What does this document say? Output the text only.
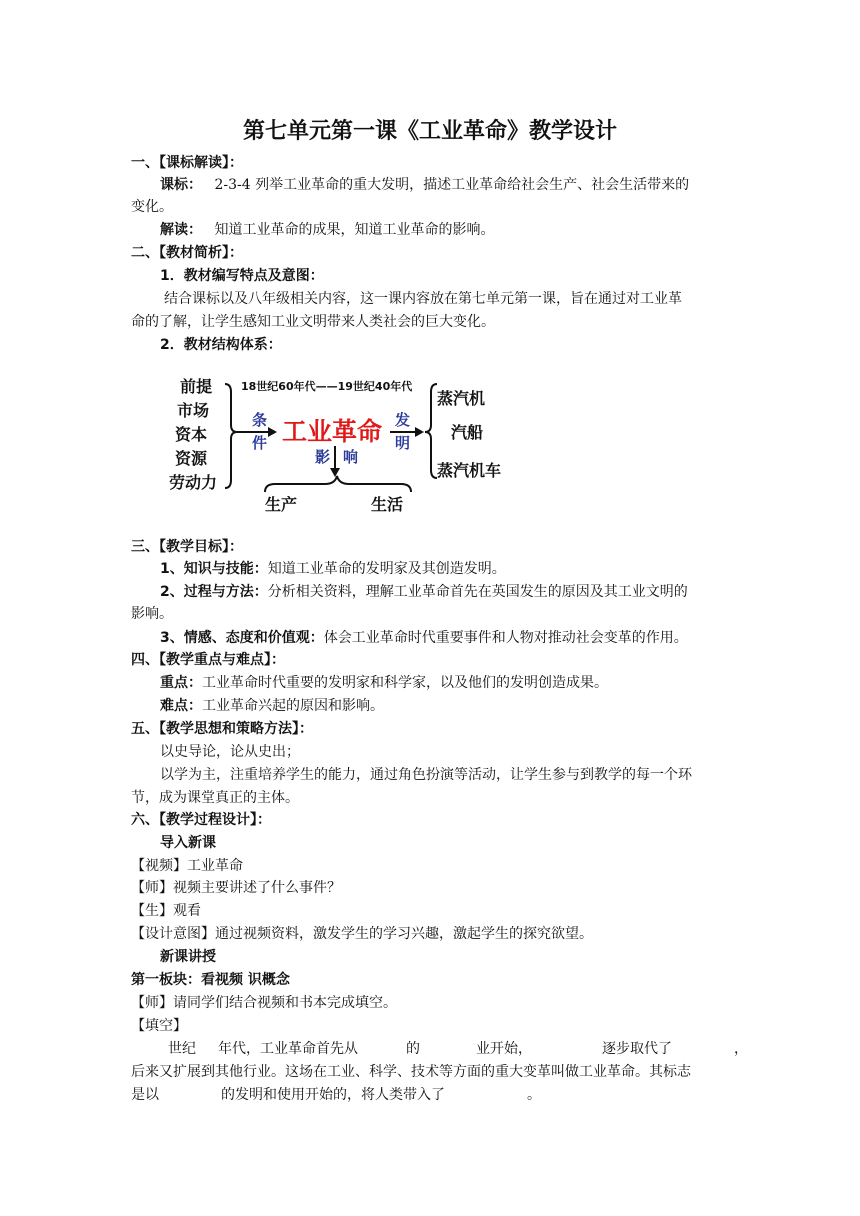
第七单元第一课《工业革命》教学设计
一、【课标解读】：
课标： 2-3-4 列举工业革命的重大发明，描述工业革命给社会生产、社会生活带来的
变化。
解读： 知道工业革命的成果，知道工业革命的影响。
二、【教材简析】：
1．教材编写特点及意图：
结合课标以及八年级相关内容，这一课内容放在第七单元第一课，旨在通过对工业革
命的了解，让学生感知工业文明带来人类社会的巨大变化。
2．教材结构体系：
前提
市场
资本
资源
劳动力
18世纪60年代——19世纪40年代
条
件
发
明
影 响
工业革命
蒸汽机
汽船
蒸汽机车
生产	生活
三、【教学目标】：
1、知识与技能：知道工业革命的发明家及其创造发明。
2、过程与方法：分析相关资料，理解工业革命首先在英国发生的原因及其工业文明的
影响。
3、情感、态度和价值观：体会工业革命时代重要事件和人物对推动社会变革的作用。
四、【教学重点与难点】：
重点：工业革命时代重要的发明家和科学家，以及他们的发明创造成果。
难点：工业革命兴起的原因和影响。
五、【教学思想和策略方法】：
以史导论，论从史出；
以学为主，注重培养学生的能力，通过角色扮演等活动，让学生参与到教学的每一个环
节，成为课堂真正的主体。
六、【教学过程设计】：
导入新课
【视频】工业革命
【师】视频主要讲述了什么事件？
【生】观看
【设计意图】通过视频资料，激发学生的学习兴趣，激起学生的探究欲望。
新课讲授
第一板块：看视频 识概念
【师】请同学们结合视频和书本完成填空。
【填空】
世纪 年代，工业革命首先从	的	业开始，	逐步取代了	，
后来又扩展到其他行业。这场在工业、科学、技术等方面的重大变革叫做工业革命。其标志
是以	的发明和使用开始的，将人类带入了	。
